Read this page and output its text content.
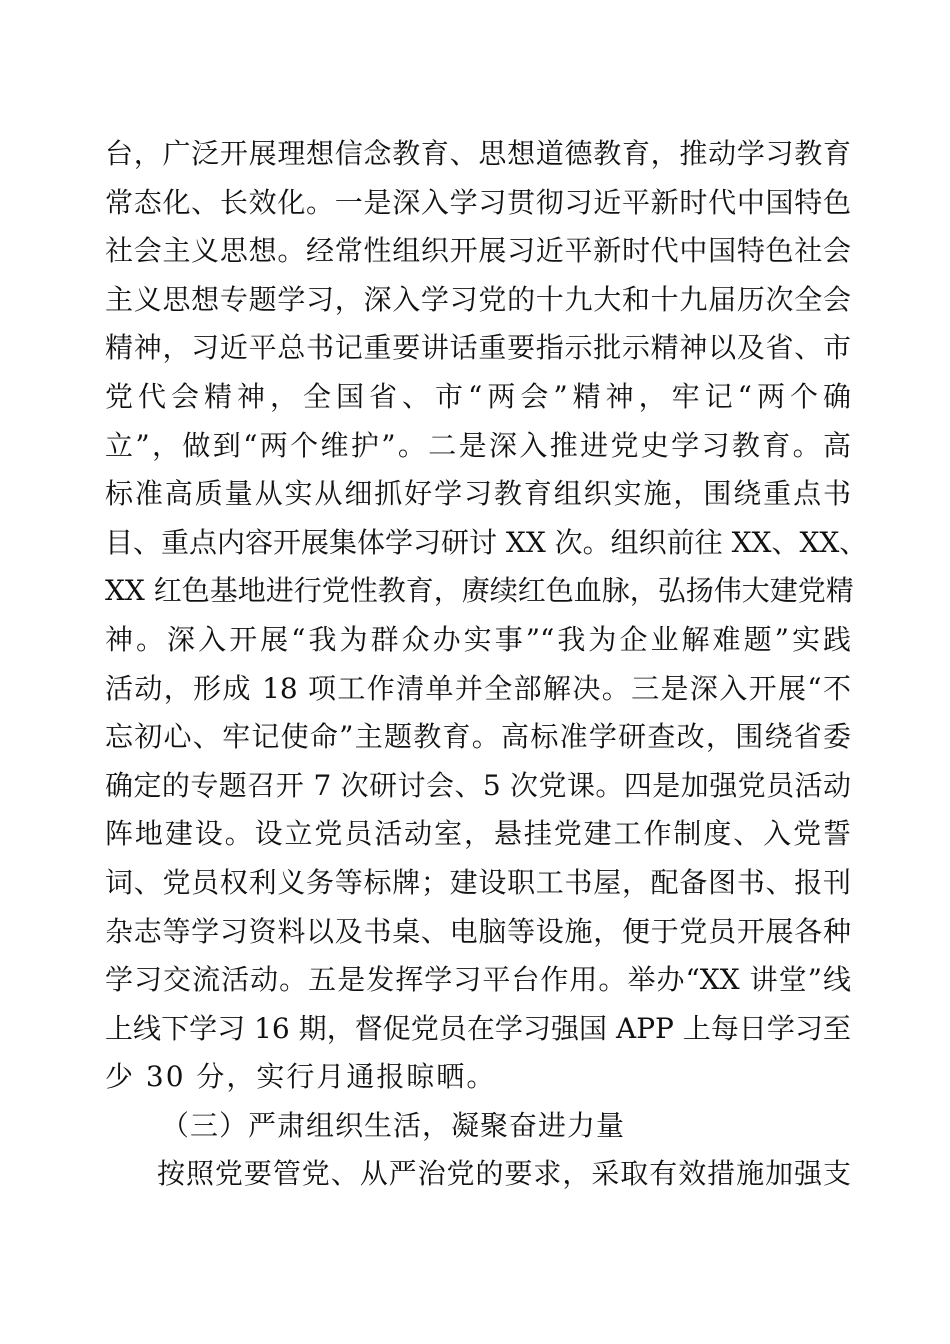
台，广泛开展理想信念教育、思想道德教育，推动学习教育
常态化、长效化。一是深入学习贯彻习近平新时代中国特色
社会主义思想。经常性组织开展习近平新时代中国特色社会
主义思想专题学习，深入学习党的十九大和十九届历次全会
精神，习近平总书记重要讲话重要指示批示精神以及省、市
党代会精神，全国省、市“两会”精神，牢记“两个确
立”，做到“两个维护”。二是深入推进党史学习教育。高
标准高质量从实从细抓好学习教育组织实施，围绕重点书
目、重点内容开展集体学习研讨 XX 次。组织前往 XX、XX、
XX 红色基地进行党性教育，赓续红色血脉，弘扬伟大建党精
神。深入开展“我为群众办实事”“我为企业解难题”实践
活动，形成 18 项工作清单并全部解决。三是深入开展“不
忘初心、牢记使命”主题教育。高标准学研查改，围绕省委
确定的专题召开 7 次研讨会、5 次党课。四是加强党员活动
阵地建设。设立党员活动室，悬挂党建工作制度、入党誓
词、党员权利义务等标牌；建设职工书屋，配备图书、报刊
杂志等学习资料以及书桌、电脑等设施，便于党员开展各种
学习交流活动。五是发挥学习平台作用。举办“XX 讲堂”线
上线下学习 16 期，督促党员在学习强国 APP 上每日学习至
少 30 分，实行月通报晾晒。
（三）严肃组织生活，凝聚奋进力量
按照党要管党、从严治党的要求，采取有效措施加强支
